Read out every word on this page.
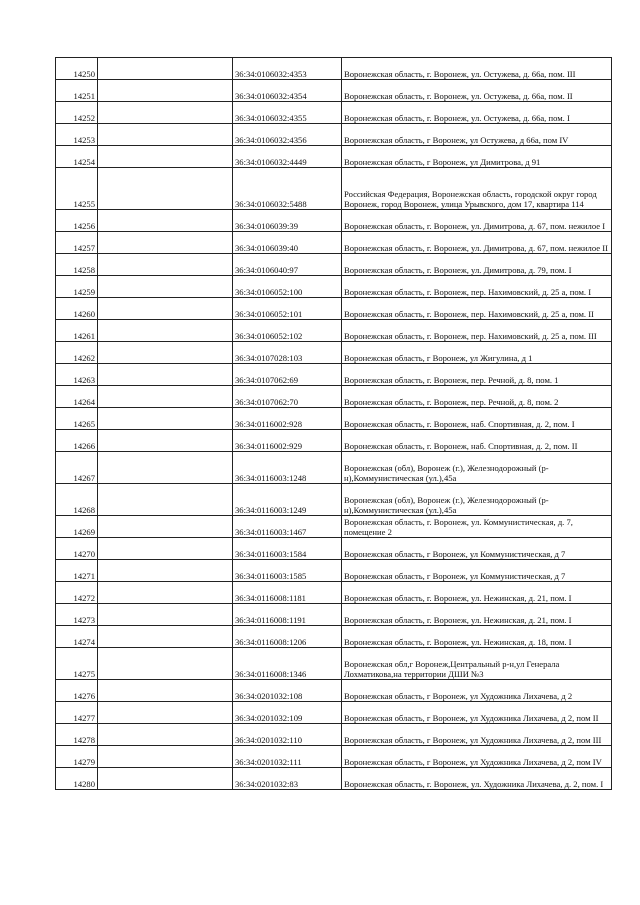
14250		36:34:0106032:4353	Воронежская область, г. Воронеж, ул. Остужева, д. 66а, пом. III
14251		36:34:0106032:4354	Воронежская область, г. Воронеж, ул. Остужева, д. 66а, пом. II
14252		36:34:0106032:4355	Воронежская область, г. Воронеж, ул. Остужева, д. 66а, пом. I
14253		36:34:0106032:4356	Воронежская область, г Воронеж, ул Остужева, д 66а, пом IV
14254		36:34:0106032:4449	Воронежская область, г Воронеж, ул Димитрова, д 91
14255		36:34:0106032:5488	Российская Федерация, Воронежская область, городской округ город Воронеж, город Воронеж, улица Урывского, дом 17, квартира 114
14256		36:34:0106039:39	Воронежская область, г. Воронеж, ул. Димитрова, д. 67, пом. нежилое I
14257		36:34:0106039:40	Воронежская область, г. Воронеж, ул. Димитрова, д. 67, пом. нежилое II
14258		36:34:0106040:97	Воронежская область, г. Воронеж, ул. Димитрова, д. 79, пом. I
14259		36:34:0106052:100	Воронежская область, г. Воронеж, пер. Нахимовский, д. 25 а, пом. I
14260		36:34:0106052:101	Воронежская область, г. Воронеж, пер. Нахимовский, д. 25 а, пом. II
14261		36:34:0106052:102	Воронежская область, г. Воронеж, пер. Нахимовский, д. 25 а, пом. III
14262		36:34:0107028:103	Воронежская область, г Воронеж, ул Жигулина, д 1
14263		36:34:0107062:69	Воронежская область, г. Воронеж, пер. Речной, д. 8, пом. 1
14264		36:34:0107062:70	Воронежская область, г. Воронеж, пер. Речной, д. 8, пом. 2
14265		36:34:0116002:928	Воронежская область, г. Воронеж, наб. Спортивная, д. 2, пом. I
14266		36:34:0116002:929	Воронежская область, г. Воронеж, наб. Спортивная, д. 2, пом. II
14267		36:34:0116003:1248	Воронежская (обл), Воронеж (г.), Железнодорожный (р-н),Коммунистическая (ул.),45а
14268		36:34:0116003:1249	Воронежская (обл), Воронеж (г.), Железнодорожный (р-н),Коммунистическая (ул.),45а
14269		36:34:0116003:1467	Воронежская область, г. Воронеж, ул. Коммунистическая, д. 7, помещение 2
14270		36:34:0116003:1584	Воронежская область, г Воронеж, ул Коммунистическая, д 7
14271		36:34:0116003:1585	Воронежская область, г Воронеж, ул Коммунистическая, д 7
14272		36:34:0116008:1181	Воронежская область, г. Воронеж, ул. Нежинская, д. 21, пом. I
14273		36:34:0116008:1191	Воронежская область, г. Воронеж, ул. Нежинская, д. 21, пом. I
14274		36:34:0116008:1206	Воронежская область, г. Воронеж, ул. Нежинская, д. 18, пом. I
14275		36:34:0116008:1346	Воронежская обл,г Воронеж,Центральный р-н,ул Генерала Лохматикова,на территории ДШИ №3
14276		36:34:0201032:108	Воронежская область, г Воронеж, ул Художника Лихачева, д 2
14277		36:34:0201032:109	Воронежская область, г Воронеж, ул Художника Лихачева, д 2, пом II
14278		36:34:0201032:110	Воронежская область, г Воронеж, ул Художника Лихачева, д 2, пом III
14279		36:34:0201032:111	Воронежская область, г Воронеж, ул Художника Лихачева, д 2, пом IV
14280		36:34:0201032:83	Воронежская область, г. Воронеж, ул. Художника Лихачева, д. 2, пом. I
